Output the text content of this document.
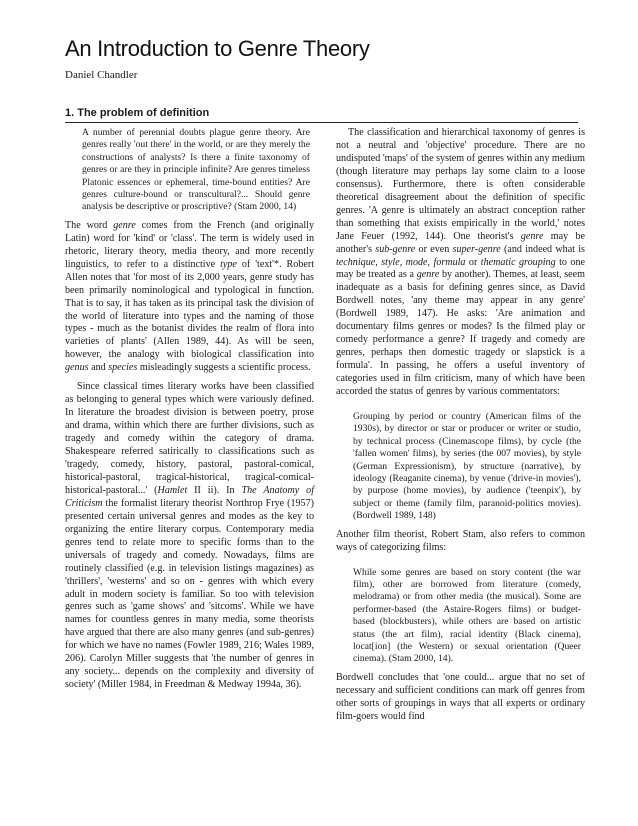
An Introduction to Genre Theory
Daniel Chandler
1. The problem of definition

A number of perennial doubts plague genre theory. Are genres really 'out there' in the world, or are they merely the constructions of analysts? Is there a finite taxonomy of genres or are they in principle infinite? Are genres timeless Platonic essences or ephemeral, time-bound entities? Are genres culture-bound or transcultural?... Should genre analysis be descriptive or proscriptive? (Stam 2000, 14)

The word genre comes from the French (and originally Latin) word for 'kind' or 'class'. The term is widely used in rhetoric, literary theory, media theory, and more recently linguistics, to refer to a distinctive type of 'text'*. Robert Allen notes that 'for most of its 2,000 years, genre study has been primarily nominological and typological in function. That is to say, it has taken as its principal task the division of the world of literature into types and the naming of those types - much as the botanist divides the realm of flora into varieties of plants' (Allen 1989, 44). As will be seen, however, the analogy with biological classification into genus and species misleadingly suggests a scientific process.

Since classical times literary works have been classified as belonging to general types which were variously defined. In literature the broadest division is between poetry, prose and drama, within which there are further divisions, such as tragedy and comedy within the category of drama. Shakespeare referred satirically to classifications such as 'tragedy, comedy, history, pastoral, pastoral-comical, historical-pastoral, tragical-historical, tragical-comical-historical-pastoral...' (Hamlet II ii). In The Anatomy of Criticism the formalist literary theorist Northrop Frye (1957) presented certain universal genres and modes as the key to organizing the entire literary corpus. Contemporary media genres tend to relate more to specific forms than to the universals of tragedy and comedy. Nowadays, films are routinely classified (e.g. in television listings magazines) as 'thrillers', 'westerns' and so on - genres with which every adult in modern society is familiar. So too with television genres such as 'game shows' and 'sitcoms'. While we have names for countless genres in many media, some theorists have argued that there are also many genres (and sub-genres) for which we have no names (Fowler 1989, 216; Wales 1989, 206). Carolyn Miller suggests that 'the number of genres in any society... depends on the complexity and diversity of society' (Miller 1984, in Freedman & Medway 1994a, 36).

The classification and hierarchical taxonomy of genres is not a neutral and 'objective' procedure. There are no undisputed 'maps' of the system of genres within any medium (though literature may perhaps lay some claim to a loose consensus). Furthermore, there is often considerable theoretical disagreement about the definition of specific genres. 'A genre is ultimately an abstract conception rather than something that exists empirically in the world,' notes Jane Feuer (1992, 144). One theorist's genre may be another's sub-genre or even super-genre (and indeed what is technique, style, mode, formula or thematic grouping to one may be treated as a genre by another). Themes, at least, seem inadequate as a basis for defining genres since, as David Bordwell notes, 'any theme may appear in any genre' (Bordwell 1989, 147). He asks: 'Are animation and documentary films genres or modes? Is the filmed play or comedy performance a genre? If tragedy and comedy are genres, perhaps then domestic tragedy or slapstick is a formula'. In passing, he offers a useful inventory of categories used in film criticism, many of which have been accorded the status of genres by various commentators:

Grouping by period or country (American films of the 1930s), by director or star or producer or writer or studio, by technical process (Cinemascope films), by cycle (the 'fallen women' films), by series (the 007 movies), by style (German Expressionism), by structure (narrative), by ideology (Reaganite cinema), by venue ('drive-in movies'), by purpose (home movies), by audience ('teenpix'), by subject or theme (family film, paranoid-politics movies). (Bordwell 1989, 148)

Another film theorist, Robert Stam, also refers to common ways of categorizing films:

While some genres are based on story content (the war film), other are borrowed from literature (comedy, melodrama) or from other media (the musical). Some are performer-based (the Astaire-Rogers films) or budget-based (blockbusters), while others are based on artistic status (the art film), racial identity (Black cinema), locat[ion] (the Western) or sexual orientation (Queer cinema). (Stam 2000, 14).

Bordwell concludes that 'one could... argue that no set of necessary and sufficient conditions can mark off genres from other sorts of groupings in ways that all experts or ordinary film-goers would find
